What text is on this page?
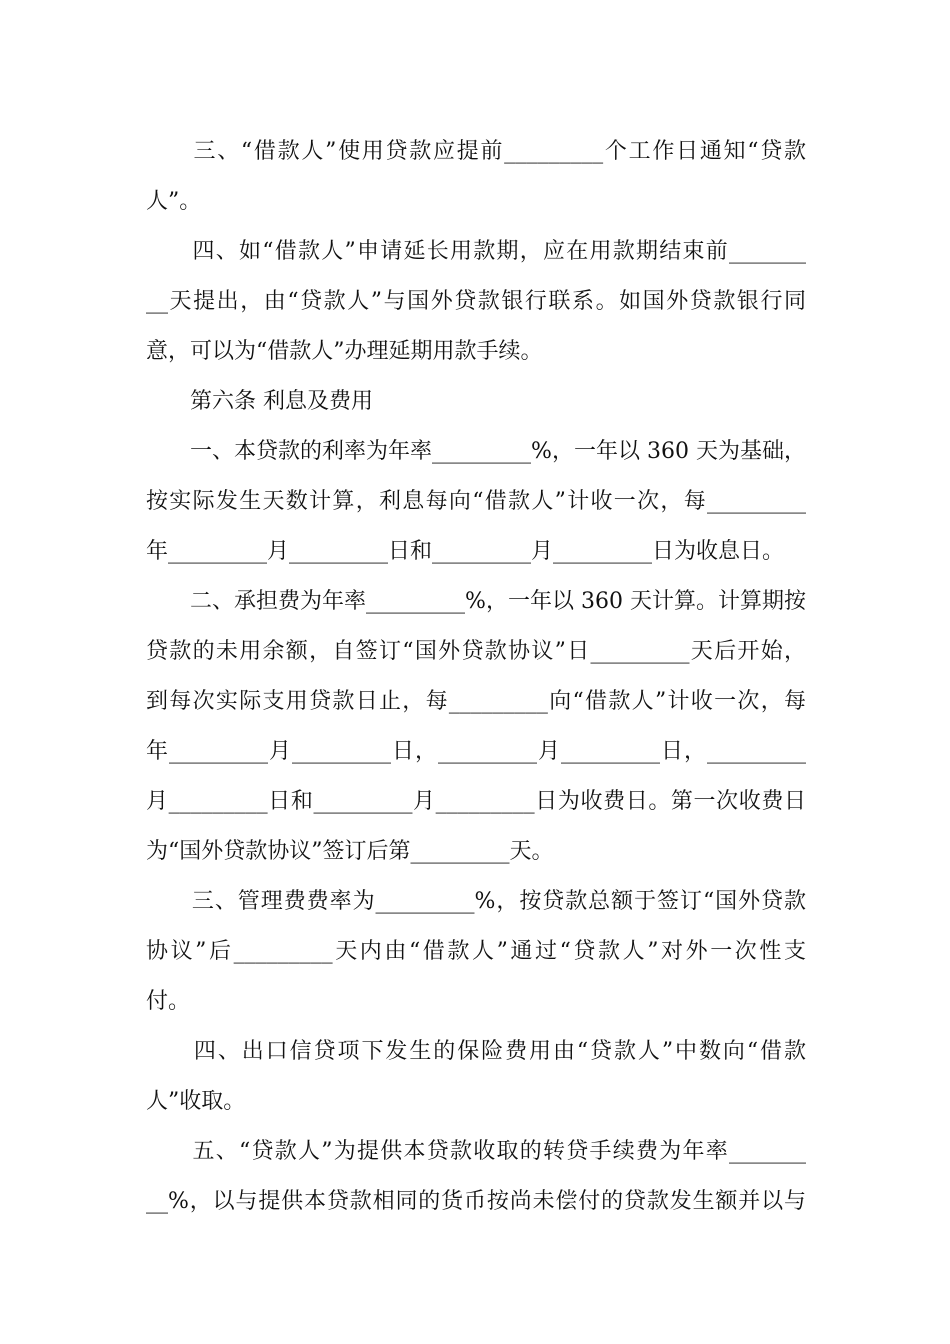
　　三、“借款人”使用贷款应提前_________个工作日通知“贷款
人”。
　　四、如“借款人”申请延长用款期，应在用款期结束前_______
__天提出，由“贷款人”与国外贷款银行联系。如国外贷款银行同
意，可以为“借款人”办理延期用款手续。
　　第六条 利息及费用
　　一、本贷款的利率为年率_________%，一年以 360 天为基础，
按实际发生天数计算，利息每向“借款人”计收一次，每_________
年_________月_________日和_________月_________日为收息日。
　　二、承担费为年率_________%，一年以 360 天计算。计算期按
贷款的未用余额，自签订“国外贷款协议”日_________天后开始，
到每次实际支用贷款日止，每_________向“借款人”计收一次，每
年_________月_________日，_________月_________日，_________
月_________日和_________月_________日为收费日。第一次收费日
为“国外贷款协议”签订后第_________天。
　　三、管理费费率为_________%，按贷款总额于签订“国外贷款
协议”后_________天内由“借款人”通过“贷款人”对外一次性支
付。
　　四、出口信贷项下发生的保险费用由“贷款人”中数向“借款
人”收取。
　　五、“贷款人”为提供本贷款收取的转贷手续费为年率_______
__%，以与提供本贷款相同的货币按尚未偿付的贷款发生额并以与
